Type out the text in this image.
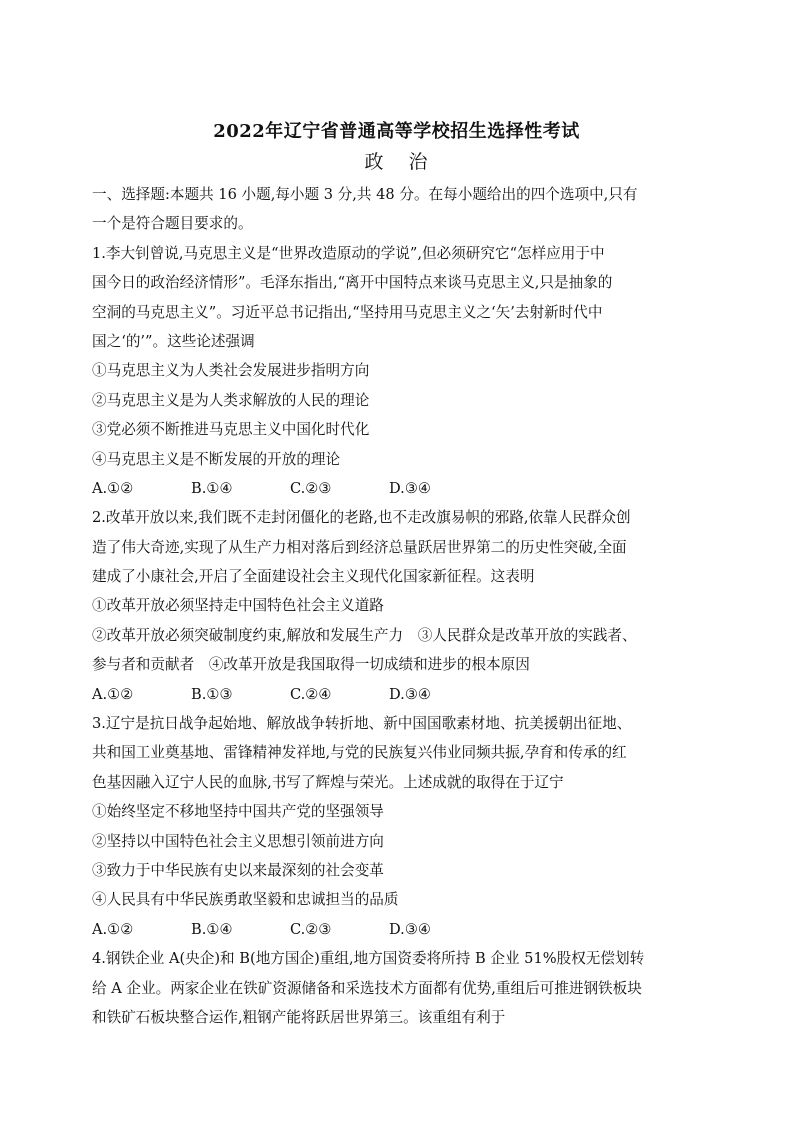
2022年辽宁省普通高等学校招生选择性考试
政 治
一、选择题:本题共 16 小题,每小题 3 分,共 48 分。在每小题给出的四个选项中,只有
一个是符合题目要求的。
1.李大钊曾说,马克思主义是“世界改造原动的学说”,但必须研究它“怎样应用于中
国今日的政治经济情形”。毛泽东指出,“离开中国特点来谈马克思主义,只是抽象的
空洞的马克思主义”。习近平总书记指出,“坚持用马克思主义之‘矢’去射新时代中
国之‘的’”。这些论述强调
①马克思主义为人类社会发展进步指明方向
②马克思主义是为人类求解放的人民的理论
③党必须不断推进马克思主义中国化时代化
④马克思主义是不断发展的开放的理论
A.①②	B.①④	C.②③	D.③④
2.改革开放以来,我们既不走封闭僵化的老路,也不走改旗易帜的邪路,依靠人民群众创
造了伟大奇迹,实现了从生产力相对落后到经济总量跃居世界第二的历史性突破,全面
建成了小康社会,开启了全面建设社会主义现代化国家新征程。这表明
①改革开放必须坚持走中国特色社会主义道路
②改革开放必须突破制度约束,解放和发展生产力　③人民群众是改革开放的实践者、
参与者和贡献者　④改革开放是我国取得一切成绩和进步的根本原因
A.①②	B.①③	C.②④	D.③④
3.辽宁是抗日战争起始地、解放战争转折地、新中国国歌素材地、抗美援朝出征地、
共和国工业奠基地、雷锋精神发祥地,与党的民族复兴伟业同频共振,孕育和传承的红
色基因融入辽宁人民的血脉,书写了辉煌与荣光。上述成就的取得在于辽宁
①始终坚定不移地坚持中国共产党的坚强领导
②坚持以中国特色社会主义思想引领前进方向
③致力于中华民族有史以来最深刻的社会变革
④人民具有中华民族勇敢坚毅和忠诚担当的品质
A.①②	B.①④	C.②③	D.③④
4.钢铁企业 A(央企)和 B(地方国企)重组,地方国资委将所持 B 企业 51%股权无偿划转
给 A 企业。两家企业在铁矿资源储备和采选技术方面都有优势,重组后可推进钢铁板块
和铁矿石板块整合运作,粗钢产能将跃居世界第三。该重组有利于
